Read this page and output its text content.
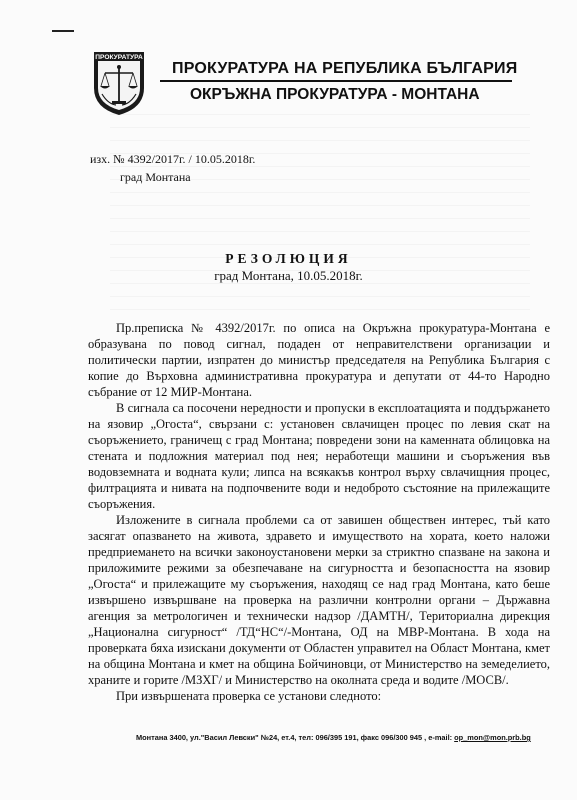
ПРОКУРАТУРА
ПРОКУРАТУРА НА РЕПУБЛИКА БЪЛГАРИЯ
ОКРЪЖНА ПРОКУРАТУРА - МОНТАНА
изх. № 4392/2017г. / 10.05.2018г.
град Монтана
РЕЗОЛЮЦИЯ
град Монтана, 10.05.2018г.

Пр.преписка № 4392/2017г. по описа на Окръжна прокуратура-Монтана е образувана по повод сигнал, подаден от неправителствени организации и политически партии, изпратен до министър председателя на Република България с копие до Върховна административна прокуратура и депутати от 44-то Народно събрание от 12 МИР-Монтана.

В сигнала са посочени нередности и пропуски в експлоатацията и поддържането на язовир „Огоста“, свързани с: установен свлачищен процес по левия скат на съоръжението, граничещ с град Монтана; повредени зони на каменната облицовка на стената и подложния материал под нея; неработещи машини и съоръжения във водовземната и водната кули; липса на всякакъв контрол върху свлачищния процес, филтрацията и нивата на подпочвените води и недоброто състояние на прилежащите съоръжения.

Изложените в сигнала проблеми са от завишен обществен интерес, тъй като засягат опазването на живота, здравето и имуществото на хората, което наложи предприемането на всички законоустановени мерки за стриктно спазване на закона и приложимите режими за обезпечаване на сигурността и безопасността на язовир „Огоста“ и прилежащите му съоръжения, находящ се над град Монтана, като беше извършено извършване на проверка на различни контролни органи – Държавна агенция за метрологичен и технически надзор /ДАМТН/, Териториална дирекция „Национална сигурност“ /ТД“НС“/-Монтана, ОД на МВР-Монтана. В хода на проверката бяха изискани документи от Областен управител на Област Монтана, кмет на община Монтана и кмет на община Бойчиновци, от Министерство на земеделието, храните и горите /МЗХГ/ и Министерство на околната среда и водите /МОСВ/.

При извършената проверка се установи следното:

Монтана 3400, ул."Васил Левски" №24, ет.4, тел: 096/395 191, факс 096/300 945 , e-mail: op_mon@mon.prb.bg
